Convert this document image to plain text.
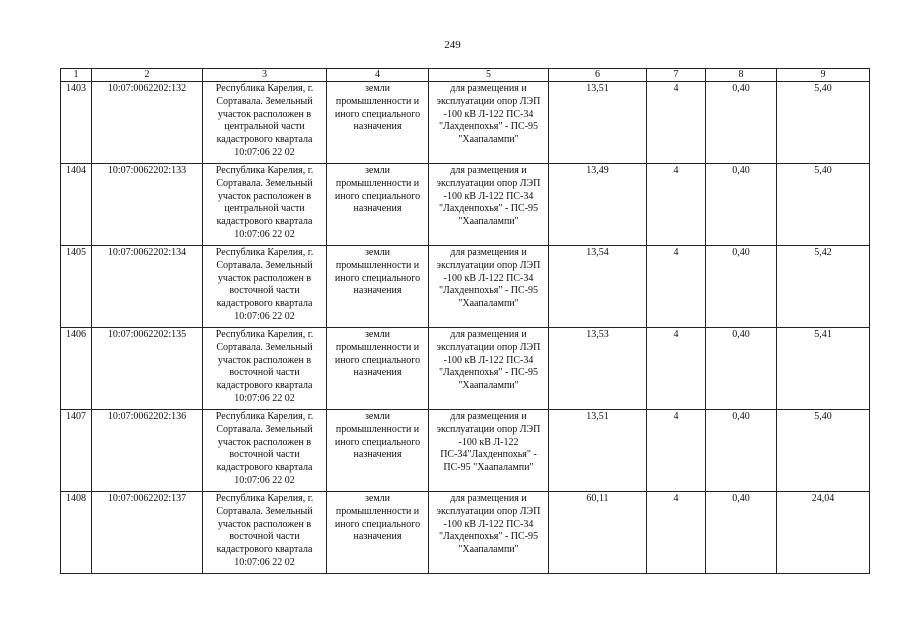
249
1	2	3	4	5	6	7	8	9
1403	10:07:0062202:132	Республика Карелия, г. Сортавала. Земельный участок расположен в центральной части кадастрового квартала 10:07:06 22 02	земли промышленности и иного специального назначения	для размещения и эксплуатации опор ЛЭП -100 кВ Л-122 ПС-34 "Лахденпохья" - ПС-95 "Хаапалампи"	13,51	4	0,40	5,40
1404	10:07:0062202:133	Республика Карелия, г. Сортавала. Земельный участок расположен в центральной части кадастрового квартала 10:07:06 22 02	земли промышленности и иного специального назначения	для размещения и эксплуатации опор ЛЭП -100 кВ Л-122 ПС-34 "Лахденпохья" - ПС-95 "Хаапалампи"	13,49	4	0,40	5,40
1405	10:07:0062202:134	Республика Карелия, г. Сортавала. Земельный участок расположен в восточной части кадастрового квартала 10:07:06 22 02	земли промышленности и иного специального назначения	для размещения и эксплуатации опор ЛЭП -100 кВ Л-122 ПС-34 "Лахденпохья" - ПС-95 "Хаапалампи"	13,54	4	0,40	5,42
1406	10:07:0062202:135	Республика Карелия, г. Сортавала. Земельный участок расположен в восточной части кадастрового квартала 10:07:06 22 02	земли промышленности и иного специального назначения	для размещения и эксплуатации опор ЛЭП -100 кВ Л-122 ПС-34 "Лахденпохья" - ПС-95 "Хаапалампи"	13,53	4	0,40	5,41
1407	10:07:0062202:136	Республика Карелия, г. Сортавала. Земельный участок расположен в восточной части кадастрового квартала 10:07:06 22 02	земли промышленности и иного специального назначения	для размещения и эксплуатации опор ЛЭП -100 кВ Л-122 ПС-34"Лахденпохья" - ПС-95 "Хаапалампи"	13,51	4	0,40	5,40
1408	10:07:0062202:137	Республика Карелия, г. Сортавала. Земельный участок расположен в восточной части кадастрового квартала 10:07:06 22 02	земли промышленности и иного специального назначения	для размещения и эксплуатации опор ЛЭП -100 кВ Л-122 ПС-34 "Лахденпохья" - ПС-95 "Хаапалампи"	60,11	4	0,40	24,04
